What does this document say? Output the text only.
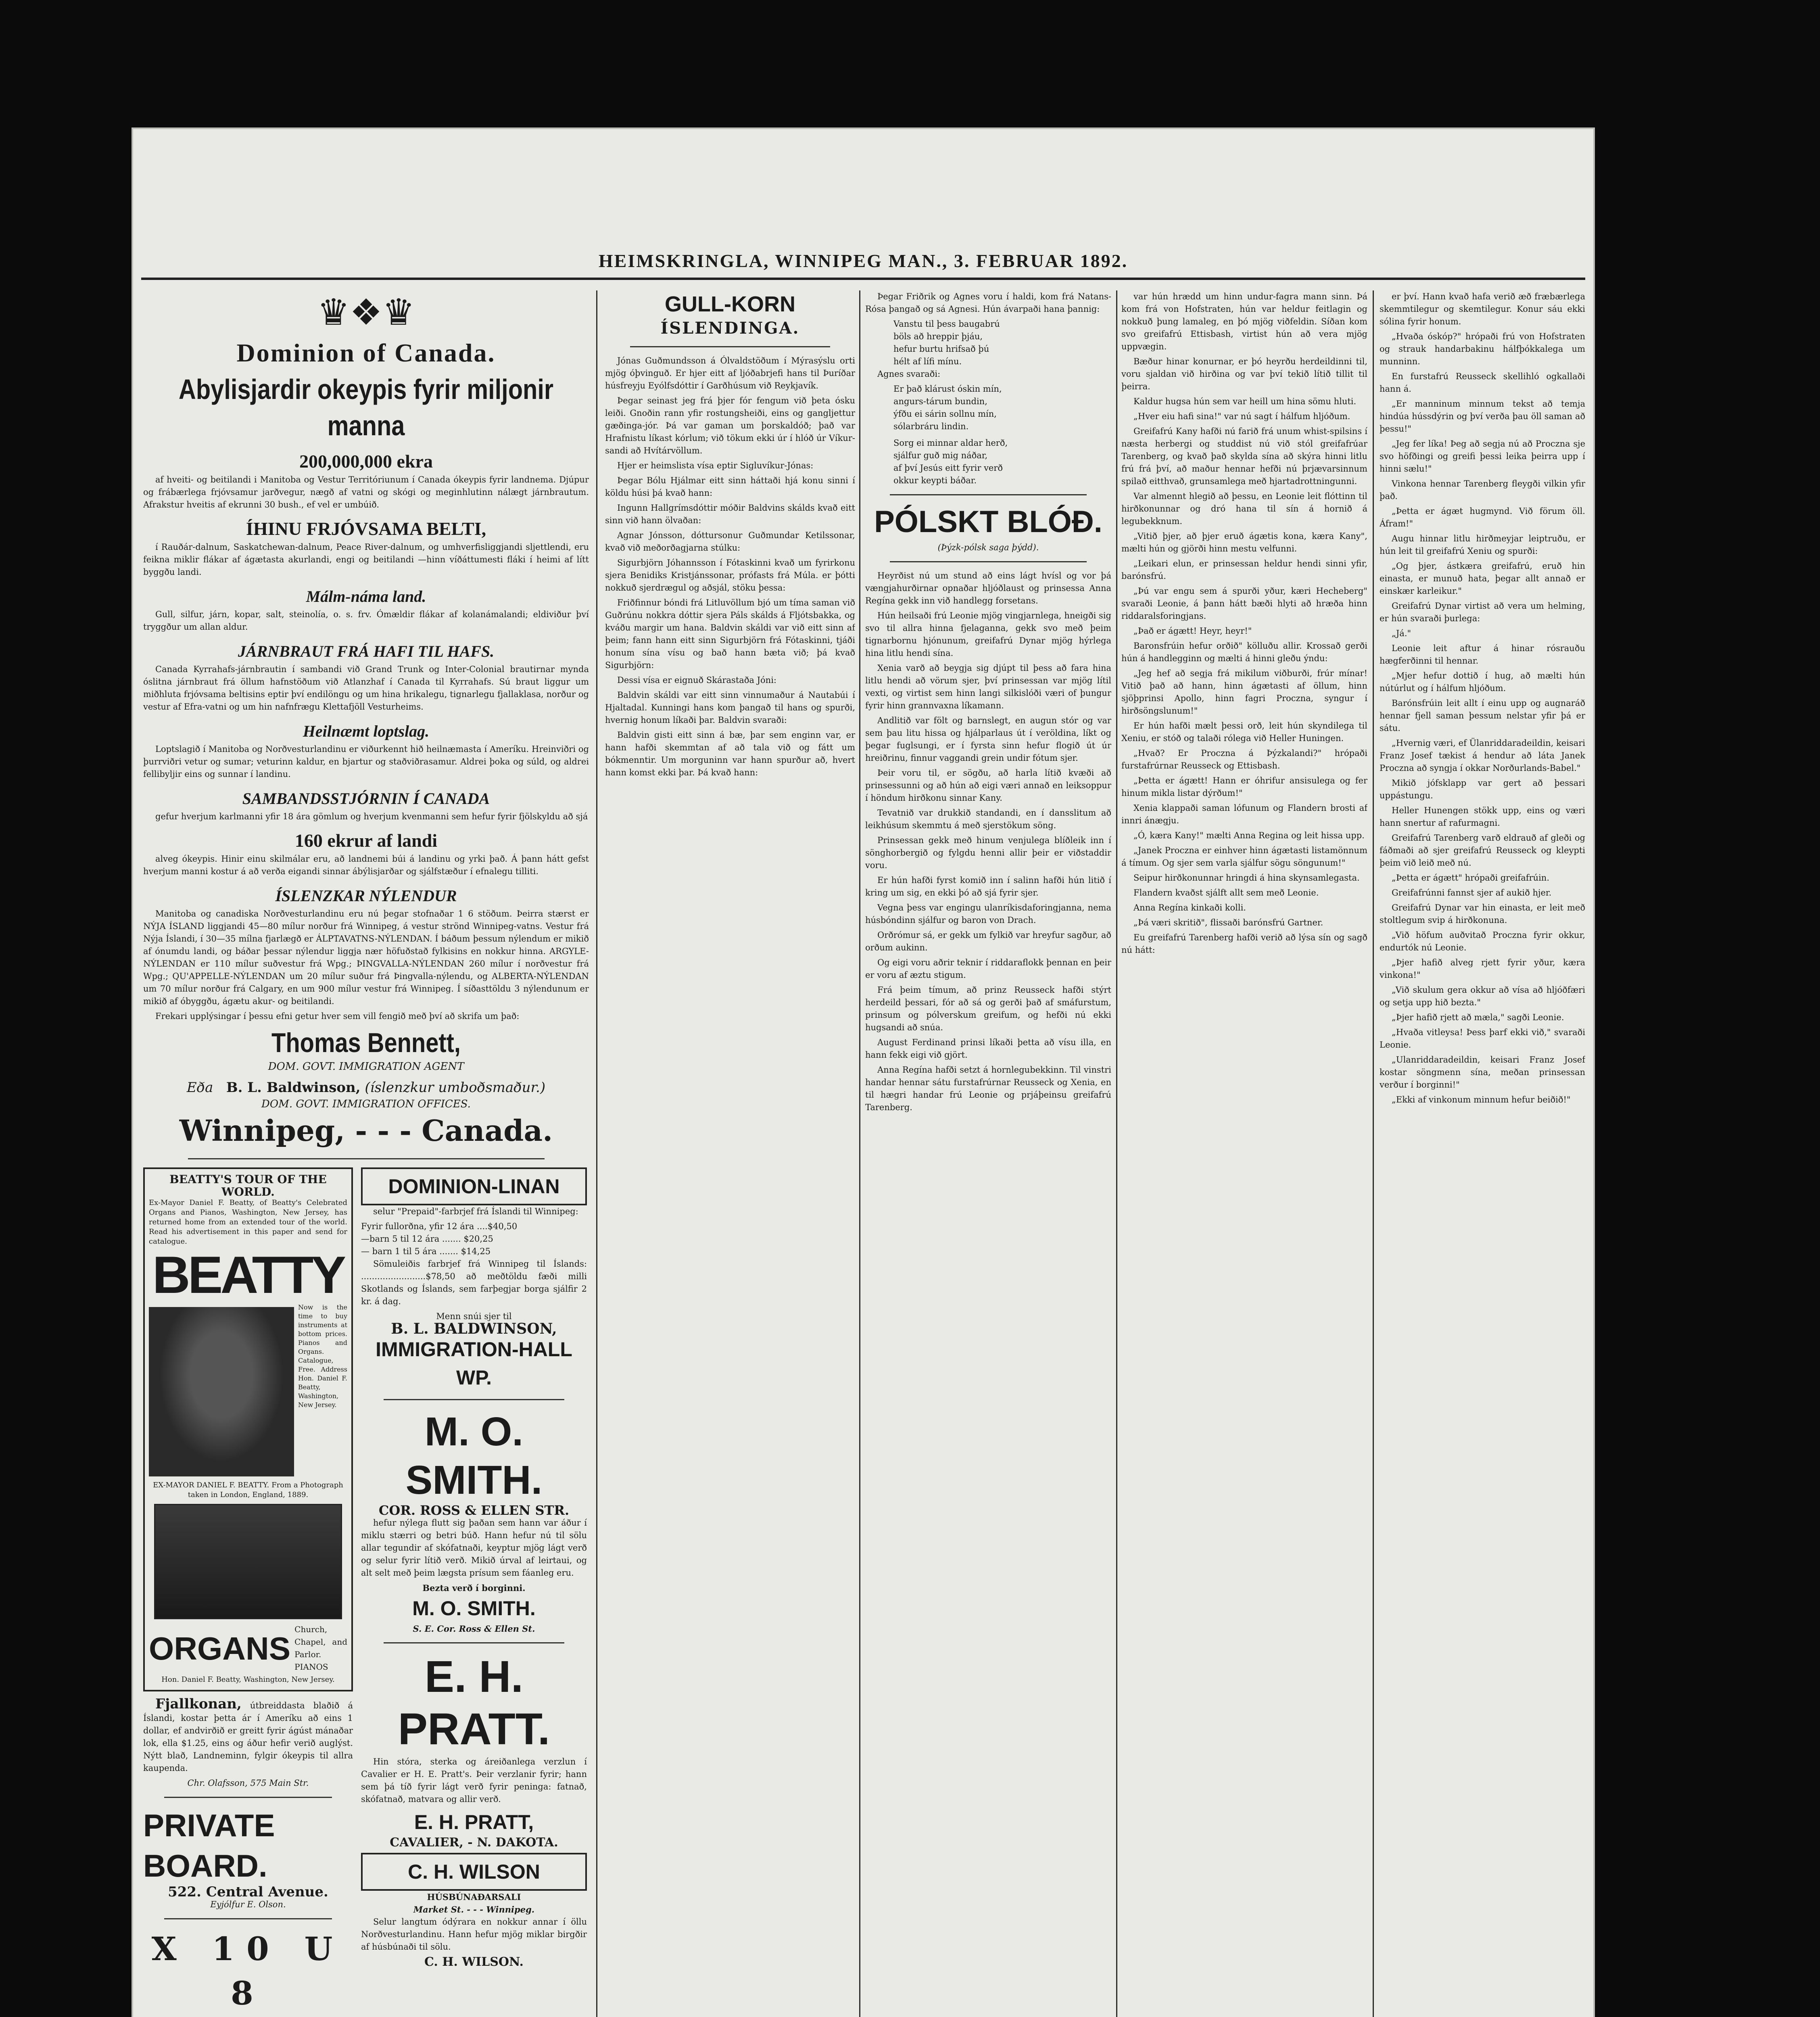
HEIMSKRINGLA, WINNIPEG MAN., 3. FEBRUAR 1892.
♛❖♛
Dominion of Canada.
Abylisjardir okeypis fyrir miljonir manna
200,000,000 ekra

af hveiti- og beitilandi i Manitoba og Vestur Territóriunum í Canada ókeypis fyrir landnema. Djúpur og frábærlega frjóvsamur jarðvegur, nægð af vatni og skógi og meginhlutinn nálægt járnbrautum. Afrakstur hveitis af ekrunni 30 bush., ef vel er umbúið.

ÍHINU FRJÓVSAMA BELTI,

í Rauðár-dalnum, Saskatchewan-dalnum, Peace River-dalnum, og umhverfisliggjandi sljettlendi, eru feikna miklir flákar af ágætasta akurlandi, engi og beitilandi —hinn víðáttumesti fláki í heimi af lítt byggðu landi.

Málm-náma land.

Gull, silfur, járn, kopar, salt, steinolía, o. s. frv. Ómældir flákar af kolanámalandi; eldiviður því tryggður um allan aldur.

JÁRNBRAUT FRÁ HAFI TIL HAFS.

Canada Kyrrahafs-járnbrautin í sambandi við Grand Trunk og Inter-Colonial brautirnar mynda óslitna járnbraut frá öllum hafnstöðum við Atlanzhaf í Canada til Kyrrahafs. Sú braut liggur um miðhluta frjóvsama beltisins eptir því endilöngu og um hina hrikalegu, tignarlegu fjallaklasa, norður og vestur af Efra-vatni og um hin nafnfrægu Klettafjöll Vesturheims.

Heilnæmt loptslag.

Loptslagið í Manitoba og Norðvesturlandinu er viðurkennt hið heilnæmasta í Ameríku. Hreinviðri og þurrviðri vetur og sumar; veturinn kaldur, en bjartur og staðviðrasamur. Aldrei þoka og súld, og aldrei fellibyljir eins og sunnar í landinu.

SAMBANDSSTJÓRNIN Í CANADA

gefur hverjum karlmanni yfir 18 ára gömlum og hverjum kvenmanni sem hefur fyrir fjölskyldu að sjá

160 ekrur af landi

alveg ókeypis. Hinir einu skilmálar eru, að landnemi búi á landinu og yrki það. Á þann hátt gefst hverjum manni kostur á að verða eigandi sinnar ábýlisjarðar og sjálfstæður í efnalegu tilliti.

ÍSLENZKAR NÝLENDUR

Manitoba og canadiska Norðvesturlandinu eru nú þegar stofnaðar 1 6 stöðum. Þeirra stærst er NÝJA ÍSLAND liggjandi 45—80 mílur norður frá Winnipeg, á vestur strönd Winnipeg-vatns. Vestur frá Nýja Íslandi, í 30—35 mílna fjarlægð er ÁLPTAVATNS-NÝLENDAN. Í báðum þessum nýlendum er mikið af ónumdu landi, og báðar þessar nýlendur liggja nær höfuðstað fylkisins en nokkur hinna. ARGYLE-NÝLENDAN er 110 mílur suðvestur frá Wpg.; ÞINGVALLA-NÝLENDAN 260 mílur í norðvestur frá Wpg.; QU'APPELLE-NÝLENDAN um 20 mílur suður frá Þingvalla-nýlendu, og ALBERTA-NÝLENDAN um 70 mílur norður frá Calgary, en um 900 mílur vestur frá Winnipeg. Í síðasttöldu 3 nýlendunum er mikið af óbyggðu, ágætu akur- og beitilandi.

Frekari upplýsingar í þessu efni getur hver sem vill fengið með því að skrifa um það:

Thomas Bennett,
DOM. GOVT. IMMIGRATION AGENT
Eða B. L. Baldwinson, (íslenzkur umboðsmaður.)
DOM. GOVT. IMMIGRATION OFFICES.
Winnipeg, - - - Canada.
BEATTY'S TOUR OF THE WORLD.
Ex-Mayor Daniel F. Beatty, of Beatty's Celebrated Organs and Pianos, Washington, New Jersey, has returned home from an extended tour of the world. Read his advertisement in this paper and send for catalogue.
BEATTY
Now is the time to buy instruments at bottom prices. Pianos and Organs. Catalogue, Free. Address Hon. Daniel F. Beatty, Washington, New Jersey.
EX-MAYOR DANIEL F. BEATTY. From a Photograph taken in London, England, 1889.
ORGANS
Church, Chapel, and Parlor. PIANOS
Hon. Daniel F. Beatty, Washington, New Jersey.

Fjallkonan, útbreiddasta blaðið á Íslandi, kostar þetta ár í Ameríku að eins 1 dollar, ef andvirðið er greitt fyrir ágúst mánaðar lok, ella $1.25, eins og áður hefir verið auglýst. Nýtt blað, Landneminn, fylgir ókeypis til allra kaupenda.

Chr. Olafsson, 575 Main Str.
PRIVATE BOARD.
522. Central Avenue.
Eyjólfur E. Olson.
X 10 U 8

DOMINION-LINAN

selur "Prepaid"-farbrjef frá Íslandi til Winnipeg:

Fyrir fullorðna, yfir 12 ára ....$40,50
—barn 5 til 12 ára ....... $20,25
— barn 1 til 5 ára ....... $14,25

Sömuleiðis farbrjef frá Winnipeg til Íslands: ........................$78,50 að meðtöldu fæði milli Skotlands og Íslands, sem farþegjar borga sjálfir 2 kr. á dag.

Menn snúi sjer til
B. L. BALDWINSON,
IMMIGRATION-HALL WP.
M. O. SMITH.
COR. ROSS & ELLEN STR.

hefur nýlega flutt sig þaðan sem hann var áður í miklu stærri og betri búð. Hann hefur nú til sölu allar tegundir af skófatnaði, keyptur mjög lágt verð og selur fyrir lítið verð. Mikið úrval af leirtaui, og alt selt með þeim lægsta prísum sem fáanleg eru.

Bezta verð í borginni.
M. O. SMITH.
S. E. Cor. Ross & Ellen St.
E. H. PRATT.

Hin stóra, sterka og áreiðanlega verzlun í Cavalier er H. E. Pratt's. Þeir verzlanir fyrir; hann sem þá tíð fyrir lágt verð fyrir peninga: fatnað, skófatnað, matvara og allir verð.

E. H. PRATT,
CAVALIER, - N. DAKOTA.
C. H. WILSON
HÚSBÚNAÐARSALI
Market St. - - - Winnipeg.

Selur langtum ódýrara en nokkur annar í öllu Norðvesturlandinu. Hann hefur mjög miklar birgðir af húsbúnaði til sölu.

C. H. WILSON.
GULL-KORN
ÍSLENDINGA.

Jónas Guðmundsson á Ólvaldstöðum í Mýrasýslu orti mjög óþvinguð. Er hjer eitt af ljóðabrjefi hans til Þuríðar húsfreyju Eyólfsdóttir í Garðhúsum við Reykjavík.

Þegar seinast jeg frá þjer fór fengum við þeta ósku leiði. Gnoðin rann yfir rostungsheiði, eins og gangljettur gæðinga-jór. Þá var gaman um þorskaldóð; það var Hrafnistu líkast kórlum; við tökum ekki úr í hlóð úr Víkur-sandi að Hvítárvöllum.

Hjer er heimslista vísa eptir Sigluvíkur-Jónas:

Þegar Bólu Hjálmar eitt sinn háttaði hjá konu sinni í köldu húsi þá kvað hann:

Ingunn Hallgrímsdóttir móðir Baldvins skálds kvað eitt sinn við hann ölvaðan:

Agnar Jónsson, dóttursonur Guðmundar Ketilssonar, kvað við meðorðagjarna stúlku:

Sigurbjörn Jóhannsson í Fótaskinni kvað um fyrirkonu sjera Benidiks Kristjánssonar, prófasts frá Múla. er þótti nokkuð sjerdrægul og aðsjál, stöku þessa:

Friðfinnur bóndi frá Litluvöllum bjó um tíma saman við Guðrúnu nokkra dóttir sjera Páls skálds á Fljótsbakka, og kváðu margir um hana. Baldvin skáldi var við eitt sinn af þeim; fann hann eitt sinn Sigurbjörn frá Fótaskinni, tjáði honum sína vísu og bað hann bæta við; þá kvað Sigurbjörn:

Dessi vísa er eignuð Skárastaða Jóni:

Baldvin skáldi var eitt sinn vinnumaður á Nautabúi í Hjaltadal. Kunningi hans kom þangað til hans og spurði, hvernig honum líkaði þar. Baldvin svaraði:

Baldvin gisti eitt sinn á bæ, þar sem enginn var, er hann hafði skemmtan af að tala við og fátt um bókmenntir. Um morguninn var hann spurður að, hvert hann komst ekki þar. Þá kvað hann:

Þegar Friðrik og Agnes voru í haldi, kom frá Natans-Rósa þangað og sá Agnesi. Hún ávarpaði hana þannig:

Vanstu til þess baugabrú
böls að hreppir þjáu,
hefur burtu hrifsað þú
hélt af lífi mínu.

Agnes svaraði:

Er það klárust óskin mín,
angurs-tárum bundin,
ýfðu ei sárin sollnu mín,
sólarbráru lindin.
Sorg ei minnar aldar herð,
sjálfur guð mig náðar,
af því Jesús eitt fyrir verð
okkur keypti báðar.
PÓLSKT BLÓÐ.
(Þýzk-pólsk saga þýdd).

Heyrðist nú um stund að eins lágt hvísl og vor þá vængjahurðirnar opnaðar hljóðlaust og prinsessa Anna Regína gekk inn við handlegg forsetans.

Hún heilsaði frú Leonie mjög vingjarnlega, hneigði sig svo til allra hinna fjelaganna, gekk svo með þeim tignarbornu hjónunum, greifafrú Dynar mjög hýrlega hina litlu hendi sína.

Xenia varð að beygja sig djúpt til þess að fara hina litlu hendi að vörum sjer, því prinsessan var mjög lítil vexti, og virtist sem hinn langi silkislóði væri of þungur fyrir hinn grannvaxna líkamann.

Andlitið var fölt og barnslegt, en augun stór og var sem þau litu hissa og hjálparlaus út í veröldina, líkt og þegar fuglsungi, er í fyrsta sinn hefur flogið út úr hreiðrinu, finnur vaggandi grein undir fótum sjer.

Þeir voru til, er sögðu, að harla lítið kvæði að prinsessunni og að hún að eigi væri annað en leiksoppur í höndum hirðkonu sinnar Kany.

Tevatnið var drukkið standandi, en í dansslitum að leikhúsum skemmtu á með sjerstökum söng.

Prinsessan gekk með hinum venjulega blíðleik inn í sönghorbergið og fylgdu henni allir þeir er viðstaddir voru.

Er hún hafði fyrst komið inn í salinn hafði hún litið í kring um sig, en ekki þó að sjá fyrir sjer.

Vegna þess var engingu ulanríkisdaforingjanna, nema húsbóndinn sjálfur og baron von Drach.

Orðrómur sá, er gekk um fylkið var hreyfur sagður, að orðum aukinn.

Og eigi voru aðrir teknir í riddaraflokk þennan en þeir er voru af æztu stigum.

Frá þeim tímum, að prinz Reusseck hafði stýrt herdeild þessari, fór að sá og gerði það af smáfurstum, prinsum og pólverskum greifum, og hefði nú ekki hugsandi að snúa.

August Ferdinand prinsi líkaði þetta að vísu illa, en hann fekk eigi við gjört.

Anna Regína hafði setzt á hornlegubekkinn. Til vinstri handar hennar sátu furstafrúrnar Reusseck og Xenia, en til hægri handar frú Leonie og prjáþeinsu greifafrú Tarenberg.

var hún hrædd um hinn undur-fagra mann sinn. Þá kom frá von Hofstraten, hún var heldur feitlagin og nokkuð þung lamaleg, en þó mjög viðfeldin. Síðan kom svo greifafrú Ettisbash, virtist hún að vera mjög uppvægin.

Bæður hinar konurnar, er þó heyrðu herdeildinni til, voru sjaldan við hirðina og var því tekið lítið tillit til þeirra.

Kaldur hugsa hún sem var heill um hina sömu hluti.

„Hver eiu hafi sina!" var nú sagt í hálfum hljóðum.

Greifafrú Kany hafði nú farið frá unum whist-spilsins í næsta herbergi og studdist nú við stól greifafrúar Tarenberg, og kvað það skylda sína að skýra hinni litlu frú frá því, að maður hennar hefði nú þrjævarsinnum spilað eitthvað, grunsamlega með hjartadrottningunni.

Var almennt hlegið að þessu, en Leonie leit flóttinn til hirðkonunnar og dró hana til sín á hornið á legubekknum.

„Vitið þjer, að þjer eruð ágætis kona, kæra Kany", mælti hún og gjörði hinn mestu velfunni.

„Leikari elun, er prinsessan heldur hendi sinni yfir, barónsfrú.

„Þú var engu sem á spurði yður, kæri Hecheberg" svaraði Leonie, á þann hátt bæði hlyti að hræða hinn riddaralsforingjans.

„Það er ágætt! Heyr, heyr!"

Baronsfrúin hefur orðið" kölluðu allir. Krossað gerði hún á handlegginn og mælti á hinni gleðu ýndu:

„Jeg hef að segja frá mikilum viðburði, frúr mínar! Vitið það að hann, hinn ágætasti af öllum, hinn sjöþprinsi Apollo, hinn fagri Proczna, syngur í hirðsöngslunum!"

Er hún hafði mælt þessi orð, leit hún skyndilega til Xeniu, er stóð og talaði rólega við Heller Huningen.

„Hvað? Er Proczna á Þýzkalandi?" hrópaði furstafrúrnar Reusseck og Ettisbash.

„Þetta er ágætt! Hann er óhrifur ansisulega og fer hinum mikla listar dýrðum!"

Xenia klappaði saman lófunum og Flandern brosti af innri ánægju.

„Ó, kæra Kany!" mælti Anna Regina og leit hissa upp.

„Janek Proczna er einhver hinn ágætasti listamönnum á tímum. Og sjer sem varla sjálfur sögu söngunum!"

Seipur hirðkonunnar hringdi á hina skynsamlegasta.

Flandern kvaðst sjálft allt sem með Leonie.

Anna Regína kinkaði kolli.

„Þá væri skritið", flissaði barónsfrú Gartner.

Eu greifafrú Tarenberg hafði verið að lýsa sín og sagð nú hátt:

er því. Hann kvað hafa verið æð fræbærlega skemmtilegur og skemtilegur. Konur sáu ekki sólina fyrir honum.

„Hvaða óskóp?" hrópaði frú von Hofstraten og strauk handarbakinu hálfþókkalega um munninn.

En furstafrú Reusseck skellihló ogkallaði hann á.

„Er manninum minnum tekst að temja hindúa hússdýrin og því verða þau öll saman að þessu!"

„Jeg fer líka! Þeg að segja nú að Proczna sje svo höfðingi og greifi þessi leika þeirra upp í hinni sælu!"

Vinkona hennar Tarenberg fleygði vilkin yfir það.

„Þetta er ágæt hugmynd. Við förum öll. Áfram!"

Augu hinnar litlu hirðmeyjar leiptruðu, er hún leit til greifafrú Xeniu og spurði:

„Og þjer, ástkæra greifafrú, eruð hin einasta, er munuð hata, þegar allt annað er einskær karleikur."

Greifafrú Dynar virtist að vera um helming, er hún svaraði þurlega:

„Já."

Leonie leit aftur á hinar rósrauðu hægferðinni til hennar.

„Mjer hefur dottið í hug, að mælti hún nútúrlut og í hálfum hljóðum.

Barónsfrúin leit allt í einu upp og augnaráð hennar fjell saman þessum nelstar yfir þá er sátu.

„Hvernig væri, ef Ülanriddaradeildin, keisari Franz Josef tækist á hendur að láta Janek Proczna að syngja í okkar Norðurlands-Babel."

Mikið jófsklapp var gert að þessari uppástungu.

Heller Hunengen stökk upp, eins og væri hann snertur af rafurmagni.

Greifafrú Tarenberg varð eldrauð af gleði og fáðmaði að sjer greifafrú Reusseck og kleypti þeim við leið með nú.

„Þetta er ágætt" hrópaði greifafrúin.

Greifafrúnni fannst sjer af aukið hjer.

Greifafrú Dynar var hin einasta, er leit með stoltlegum svip á hirðkonuna.

„Við höfum auðvitað Proczna fyrir okkur, endurtók nú Leonie.

„Þjer hafið alveg rjett fyrir yður, kæra vinkona!"

„Við skulum gera okkur að vísa að hljóðfæri og setja upp hið bezta."

„Þjer hafið rjett að mæla," sagði Leonie.

„Hvaða vitleysa! Þess þarf ekki við," svaraði Leonie.

„Ulanriddaradeildin, keisari Franz Josef kostar söngmenn sína, meðan prinsessan verður í borginni!"

„Ekki af vinkonum minnum hefur beiðið!"
